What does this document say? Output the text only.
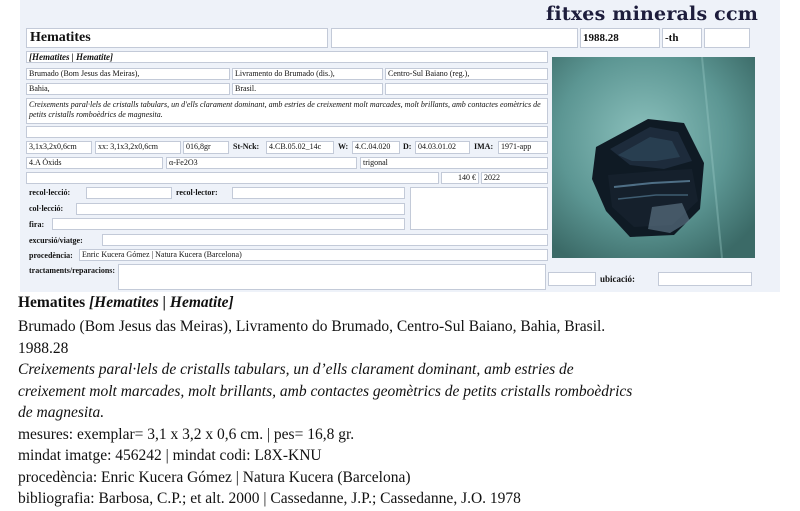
fitxes minerals ccm
Hematites	1988.28	-th
[Hematites | Hematite]
Brumado (Bom Jesus das Meiras),	Livramento do Brumado (dis.),	Centro-Sul Baiano (reg.),
Bahia,	Brasil.
Creixements paral·lels de cristalls tabulars, un d'ells clarament dominant, amb estries de creixement molt marcades, molt brillants, amb contactes eomètrics de petits cristalls romboèdrics de magnesita.
3,1x3,2x0,6cm	xx: 3,1x3,2x0,6cm	016,8gr	St-Nck:	4.CB.05.02_14c	W: 4.C.04.020	D: 04.03.01.02	IMA: 1971-app
4.A Òxids	α-Fe2O3	trigonal
140 €	2022
recol·lecció:	recol·lector:
col·lecció:
fira:
excursió/viatge:
procedència:	Enric Kucera Gómez | Natura Kucera (Barcelona)
tractaments/reparacions:
ubicació:
Hematites [Hematites | Hematite]
Brumado (Bom Jesus das Meiras), Livramento do Brumado, Centro-Sul Baiano, Bahia, Brasil.
1988.28
Creixements paral·lels de cristalls tabulars, un d’ells clarament dominant, amb estries de
creixement molt marcades, molt brillants, amb contactes geomètrics de petits cristalls romboèdrics
de magnesita.
mesures: exemplar= 3,1 x 3,2 x 0,6 cm. | pes= 16,8 gr.
mindat imatge: 456242 | mindat codi: L8X-KNU
procedència: Enric Kucera Gómez | Natura Kucera (Barcelona)
bibliografia: Barbosa, C.P.; et alt. 2000 | Cassedanne, J.P.; Cassedanne, J.O. 1978
